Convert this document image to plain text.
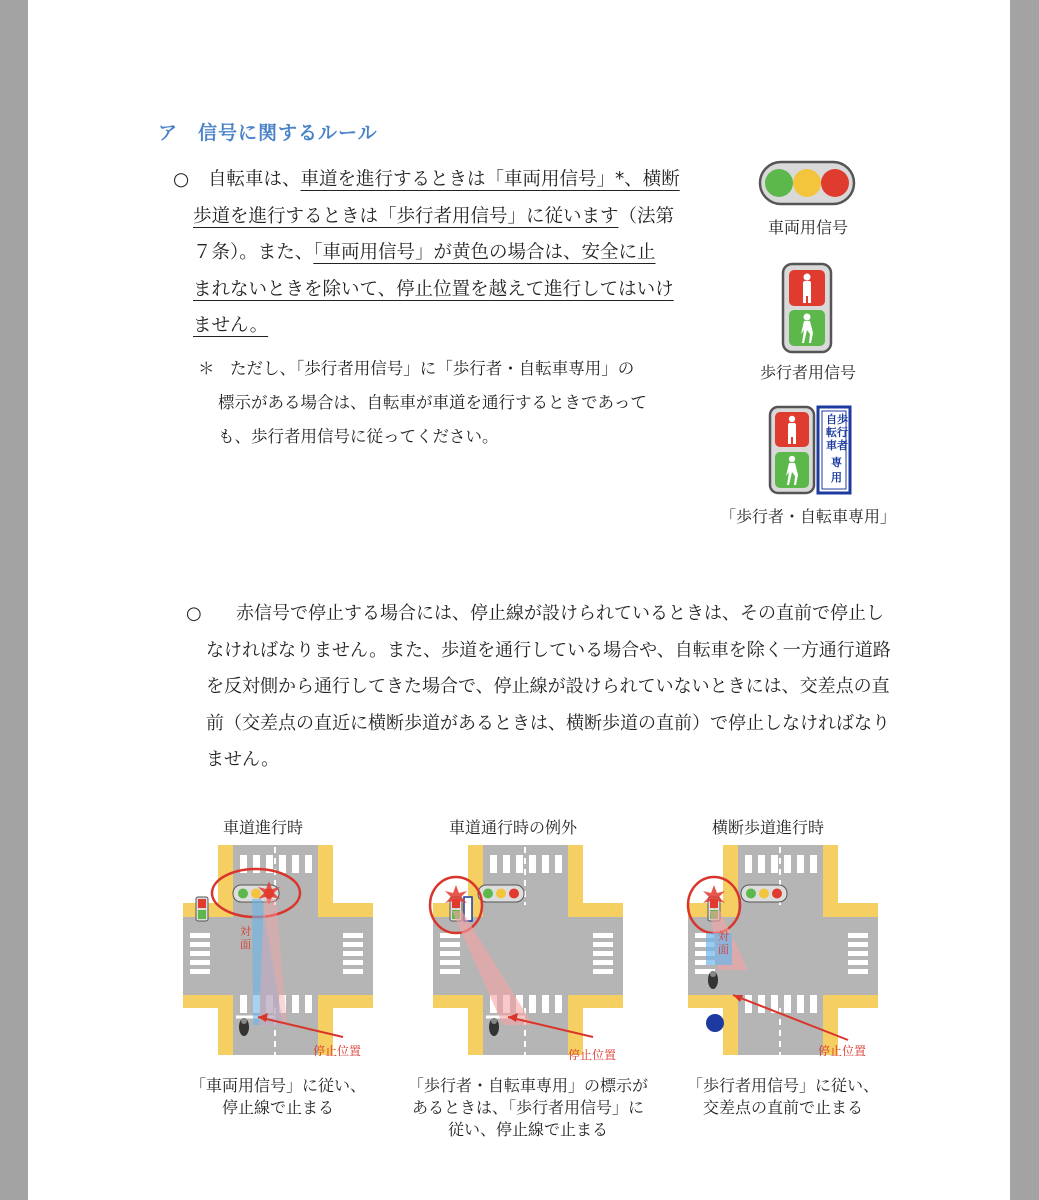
ア　信号に関するルール
○ 自転車は、車道を進行するときは「車両用信号」*、横断
歩道を進行するときは「歩行者用信号」に従います（法第
７条）。また、「車両用信号」が黄色の場合は、安全に止
まれないときを除いて、停止位置を越えて進行してはいけ
ません。
＊ ただし、「歩行者用信号」に「歩行者・自転車専用」の
標示がある場合は、自転車が車道を通行するときであって
も、歩行者用信号に従ってください。
車両用信号
歩行者用信号
自歩転行車者専用
「歩行者・自転車専用」
○	赤信号で停止する場合には、停止線が設けられているときは、その直前で停止しなければなりません。また、歩道を通行している場合や、自転車を除く一方通行道路を反対側から通行してきた場合で、停止線が設けられていないときには、交差点の直前（交差点の直近に横断歩道があるときは、横断歩道の直前）で停止しなければなりません。
車道進行時
対面
停止位置
「車両用信号」に従い、
停止線で止まる
車道通行時の例外
停止位置
「歩行者・自転車専用」の標示が
あるときは、「歩行者用信号」に
従い、停止線で止まる
横断歩道進行時
対面
停止位置
「歩行者用信号」に従い、
交差点の直前で止まる
